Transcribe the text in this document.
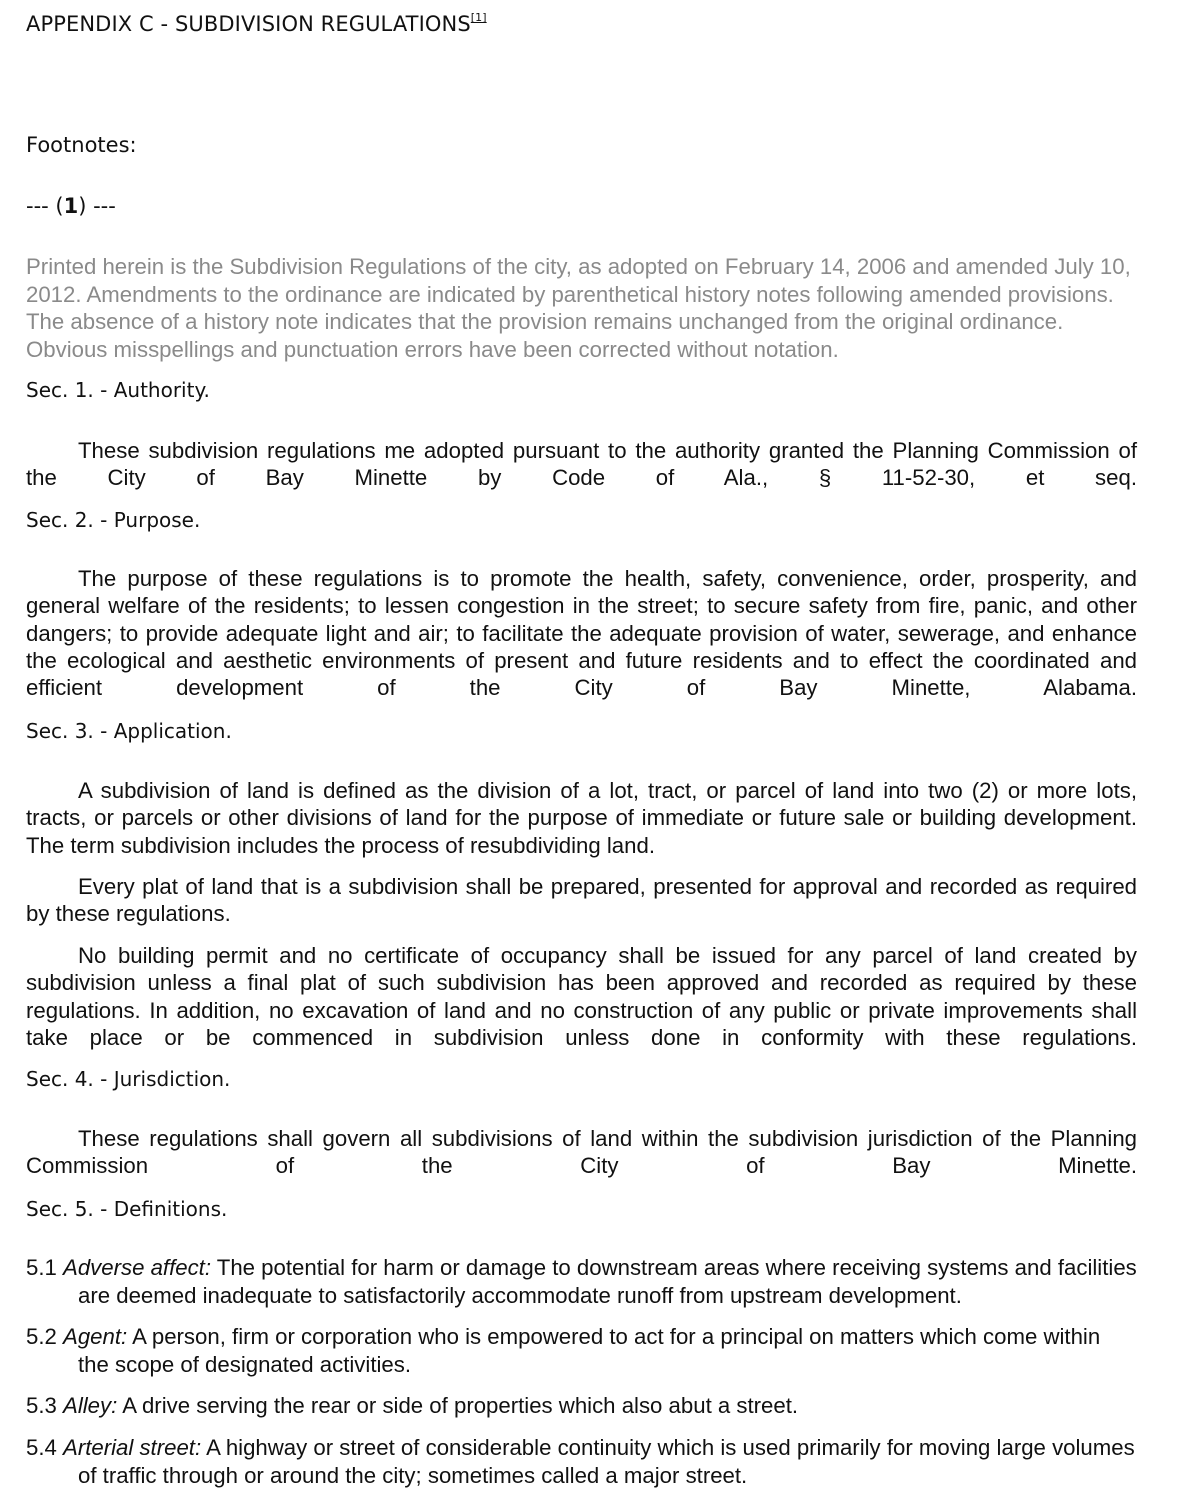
APPENDIX C - SUBDIVISION REGULATIONS[1]
Footnotes:
--- (1) ---
Printed herein is the Subdivision Regulations of the city, as adopted on February 14, 2006 and amended July 10, 2012. Amendments to the ordinance are indicated by parenthetical history notes following amended provisions. The absence of a history note indicates that the provision remains unchanged from the original ordinance. Obvious misspellings and punctuation errors have been corrected without notation.
Sec. 1. - Authority.
These subdivision regulations me adopted pursuant to the authority granted the Planning Commission of the City of Bay Minette by Code of Ala., § 11-52-30, et seq.
Sec. 2. - Purpose.
The purpose of these regulations is to promote the health, safety, convenience, order, prosperity, and general welfare of the residents; to lessen congestion in the street; to secure safety from fire, panic, and other dangers; to provide adequate light and air; to facilitate the adequate provision of water, sewerage, and enhance the ecological and aesthetic environments of present and future residents and to effect the coordinated and efficient development of the City of Bay Minette, Alabama.
Sec. 3. - Application.
A subdivision of land is defined as the division of a lot, tract, or parcel of land into two (2) or more lots, tracts, or parcels or other divisions of land for the purpose of immediate or future sale or building development. The term subdivision includes the process of resubdividing land.
Every plat of land that is a subdivision shall be prepared, presented for approval and recorded as required by these regulations.
No building permit and no certificate of occupancy shall be issued for any parcel of land created by subdivision unless a final plat of such subdivision has been approved and recorded as required by these regulations. In addition, no excavation of land and no construction of any public or private improvements shall take place or be commenced in subdivision unless done in conformity with these regulations.
Sec. 4. - Jurisdiction.
These regulations shall govern all subdivisions of land within the subdivision jurisdiction of the Planning Commission of the City of Bay Minette.
Sec. 5. - Definitions.
5.1 Adverse affect: The potential for harm or damage to downstream areas where receiving systems and facilities are deemed inadequate to satisfactorily accommodate runoff from upstream development.
5.2 Agent: A person, firm or corporation who is empowered to act for a principal on matters which come within the scope of designated activities.
5.3 Alley: A drive serving the rear or side of properties which also abut a street.
5.4 Arterial street: A highway or street of considerable continuity which is used primarily for moving large volumes of traffic through or around the city; sometimes called a major street.
